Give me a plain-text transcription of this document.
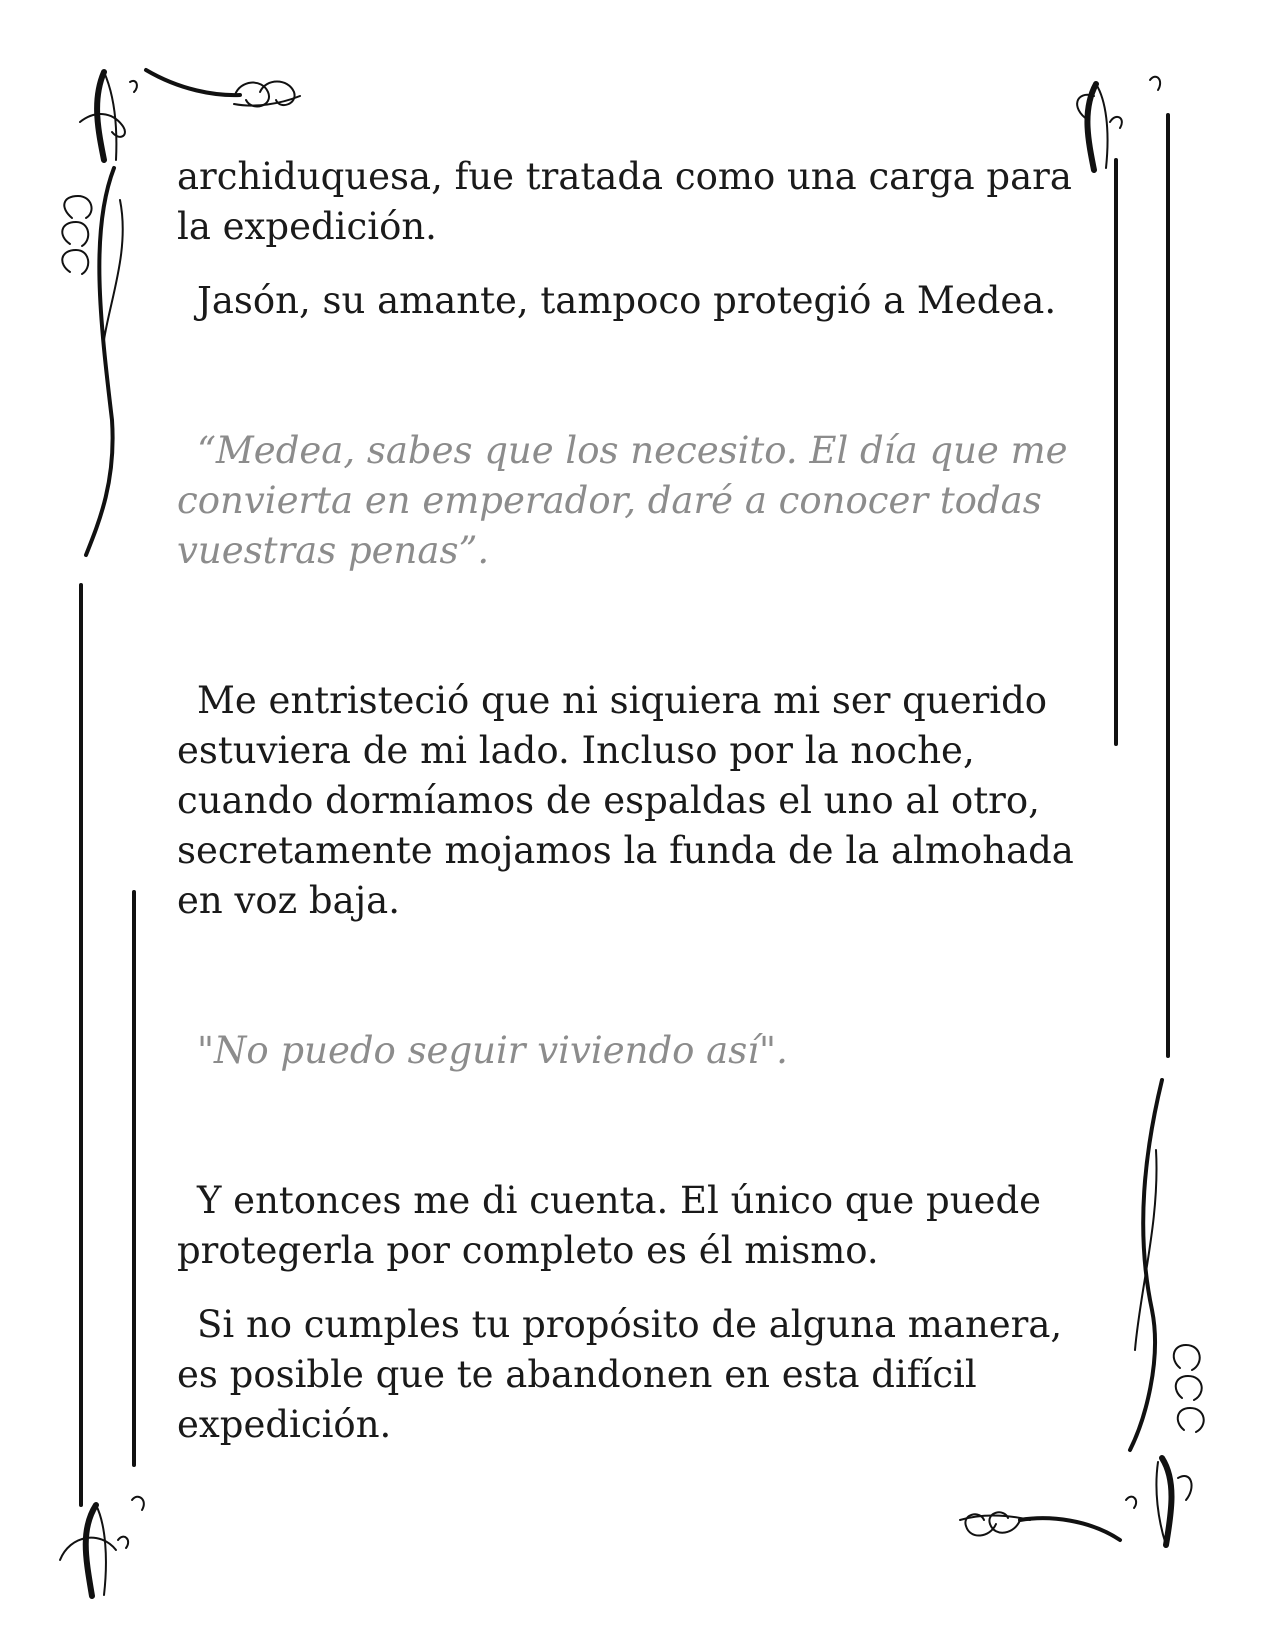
archiduquesa, fue tratada como una carga para la expedición.

Jasón, su amante, tampoco protegió a Medea.

“Medea, sabes que los necesito. El día que me convierta en emperador, daré a conocer todas vuestras penas”.

Me entristeció que ni siquiera mi ser querido estuviera de mi lado. Incluso por la noche, cuando dormíamos de espaldas el uno al otro, secretamente mojamos la funda de la almohada en voz baja.

"No puedo seguir viviendo así".

Y entonces me di cuenta. El único que puede protegerla por completo es él mismo.

Si no cumples tu propósito de alguna manera, es posible que te abandonen en esta difícil expedición.
